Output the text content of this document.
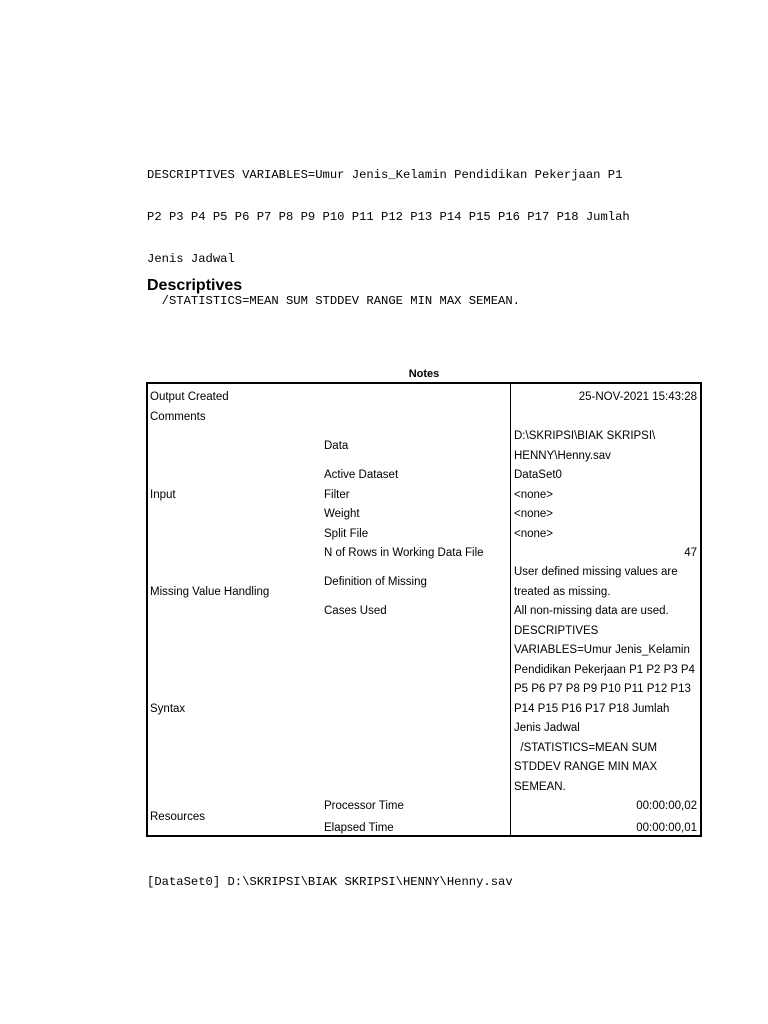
DESCRIPTIVES VARIABLES=Umur Jenis_Kelamin Pendidikan Pekerjaan P1

P2 P3 P4 P5 P6 P7 P8 P9 P10 P11 P12 P13 P14 P15 P16 P17 P18 Jumlah

Jenis Jadwal

/STATISTICS=MEAN SUM STDDEV RANGE MIN MAX SEMEAN.

Descriptives
Notes
Output Created
Comments
Input
Missing Value Handling
Syntax
Resources
Data
Active Dataset
Filter
Weight
Split File
N of Rows in Working Data File
Definition of Missing
Cases Used
Processor Time
Elapsed Time
25-NOV-2021 15:43:28
D:\SKRIPSI\BIAK SKRIPSI\
HENNY\Henny.sav
DataSet0
<none>
<none>
<none>
47
User defined missing values are
treated as missing.
All non-missing data are used.
DESCRIPTIVES
VARIABLES=Umur Jenis_Kelamin
Pendidikan Pekerjaan P1 P2 P3 P4
P5 P6 P7 P8 P9 P10 P11 P12 P13
P14 P15 P16 P17 P18 Jumlah
Jenis Jadwal
/STATISTICS=MEAN SUM
STDDEV RANGE MIN MAX
SEMEAN.
00:00:00,02
00:00:00,01
[DataSet0] D:\SKRIPSI\BIAK SKRIPSI\HENNY\Henny.sav
